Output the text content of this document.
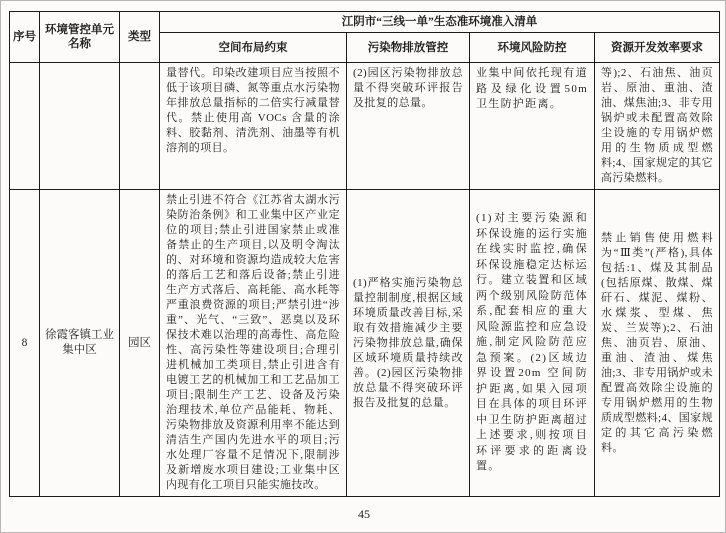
序号	环境管控单元名称	类型	江阴市“三线一单”生态准环境准入清单			
			空间布局约束	污染物排放管控	环境风险防控	资源开发效率要求
			量替代。印染改建项目应当按照不低于该项目磷、氮等重点水污染物年排放总量指标的二倍实行减量替代。禁止使用高 VOCs 含量的涂料、胶黏剂、清洗剂、油墨等有机溶剂的项目。	(2)园区污染物排放总量不得突破环评报告及批复的总量。	业集中间依托现有道路及绿化设置50m 卫生防护距离。	等);2、石油焦、油页岩、原油、重油、渣油、煤焦油;3、非专用锅炉或未配置高效除尘设施的专用锅炉燃用的生物质成型燃料;4、国家规定的其它高污染燃料。
8	徐霞客镇工业集中区	园区	禁止引进不符合《江苏省太湖水污染防治条例》和工业集中区产业定位的项目;禁止引进国家禁止或准备禁止的生产项目,以及明令淘汰的、对环境和资源均造成较大危害的落后工艺和落后设备;禁止引进生产方式落后、高耗能、高水耗等严重浪费资源的项目;严禁引进“涉重”、光气、“三致”、恶臭以及环保技术难以治理的高毒性、高危险性、高污染性等建设项目;合理引进机械加工类项目,禁止引进含有电镀工艺的机械加工和工艺品加工项目;限制生产工艺、设备及污染治理技术,单位产品能耗、物耗、污染物排放及资源利用率不能达到清洁生产国内先进水平的项目;污水处理厂容量不足情况下,限制涉及新增废水项目建设;工业集中区内现有化工项目只能实施技改。	(1)严格实施污染物总量控制制度,根据区域环境质量改善目标,采取有效措施减少主要污染物排放总量,确保区域环境质量持续改善。(2)园区污染物排放总量不得突破环评报告及批复的总量。	(1)对主要污染源和环保设施的运行实施在线实时监控,确保环保设施稳定达标运行。建立装置和区域两个级别风险防范体系,配套相应的重大风险源监控和应急设施,制定风险防范应急预案。(2)区域边界设置20m 空间防护距离,如果入园项目在具体的项目环评中卫生防护距离超过上述要求,则按项目环评要求的距离设置。	禁止销售使用燃料为“Ⅲ类”(严格),具体包括:1、煤及其制品(包括原煤、散煤、煤矸石、煤泥、煤粉、水煤浆、型煤、焦炭、兰炭等);2、石油焦、油页岩、原油、重油、渣油、煤焦油;3、非专用锅炉或未配置高效除尘设施的专用锅炉燃用的生物质成型燃料;4、国家规定的其它高污染燃料。
45
